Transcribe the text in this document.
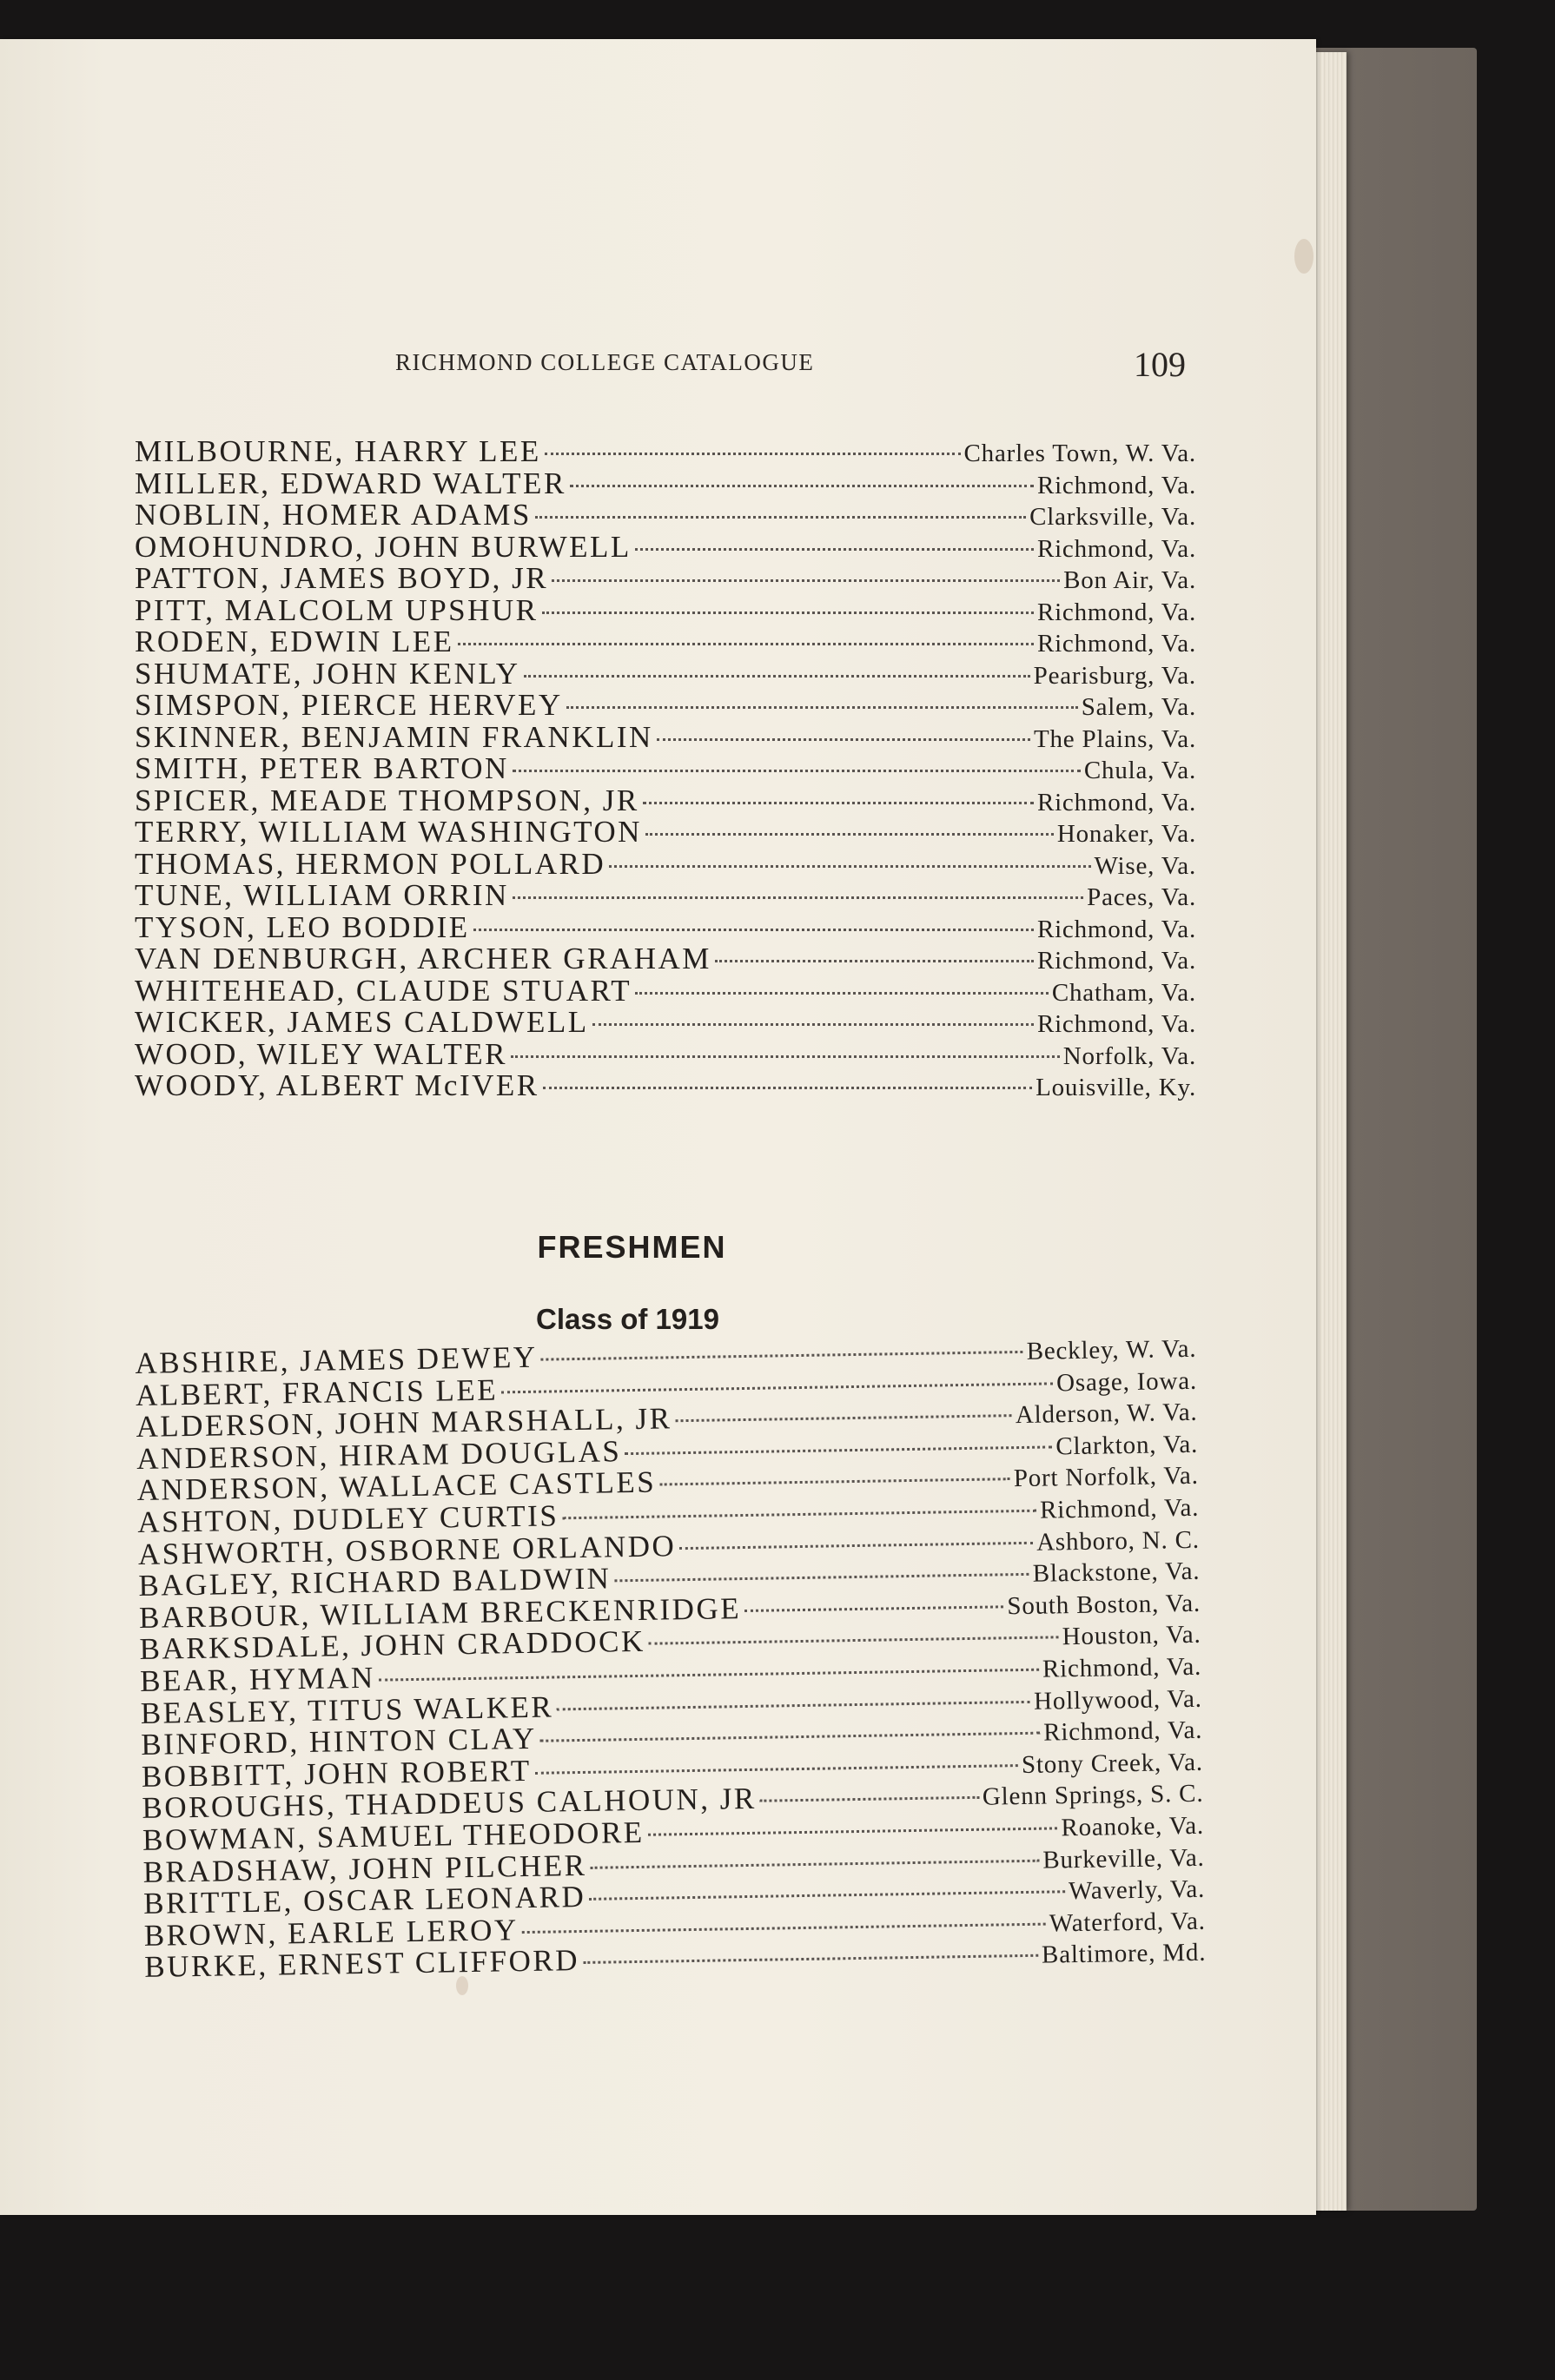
RICHMOND COLLEGE CATALOGUE	109
MILBOURNE, HARRY LEE	Charles Town, W. Va.
MILLER, EDWARD WALTER	Richmond, Va.
NOBLIN, HOMER ADAMS	Clarksville, Va.
OMOHUNDRO, JOHN BURWELL	Richmond, Va.
PATTON, JAMES BOYD, JR	Bon Air, Va.
PITT, MALCOLM UPSHUR	Richmond, Va.
RODEN, EDWIN LEE	Richmond, Va.
SHUMATE, JOHN KENLY	Pearisburg, Va.
SIMSPON, PIERCE HERVEY	Salem, Va.
SKINNER, BENJAMIN FRANKLIN	The Plains, Va.
SMITH, PETER BARTON	Chula, Va.
SPICER, MEADE THOMPSON, JR	Richmond, Va.
TERRY, WILLIAM WASHINGTON	Honaker, Va.
THOMAS, HERMON POLLARD	Wise, Va.
TUNE, WILLIAM ORRIN	Paces, Va.
TYSON, LEO BODDIE	Richmond, Va.
VAN DENBURGH, ARCHER GRAHAM	Richmond, Va.
WHITEHEAD, CLAUDE STUART	Chatham, Va.
WICKER, JAMES CALDWELL	Richmond, Va.
WOOD, WILEY WALTER	Norfolk, Va.
WOODY, ALBERT McIVER	Louisville, Ky.
FRESHMEN
Class of 1919
ABSHIRE, JAMES DEWEY	Beckley, W. Va.
ALBERT, FRANCIS LEE	Osage, Iowa.
ALDERSON, JOHN MARSHALL, JR	Alderson, W. Va.
ANDERSON, HIRAM DOUGLAS	Clarkton, Va.
ANDERSON, WALLACE CASTLES	Port Norfolk, Va.
ASHTON, DUDLEY CURTIS	Richmond, Va.
ASHWORTH, OSBORNE ORLANDO	Ashboro, N. C.
BAGLEY, RICHARD BALDWIN	Blackstone, Va.
BARBOUR, WILLIAM BRECKENRIDGE	South Boston, Va.
BARKSDALE, JOHN CRADDOCK	Houston, Va.
BEAR, HYMAN	Richmond, Va.
BEASLEY, TITUS WALKER	Hollywood, Va.
BINFORD, HINTON CLAY	Richmond, Va.
BOBBITT, JOHN ROBERT	Stony Creek, Va.
BOROUGHS, THADDEUS CALHOUN, JR	Glenn Springs, S. C.
BOWMAN, SAMUEL THEODORE	Roanoke, Va.
BRADSHAW, JOHN PILCHER	Burkeville, Va.
BRITTLE, OSCAR LEONARD	Waverly, Va.
BROWN, EARLE LEROY	Waterford, Va.
BURKE, ERNEST CLIFFORD	Baltimore, Md.
